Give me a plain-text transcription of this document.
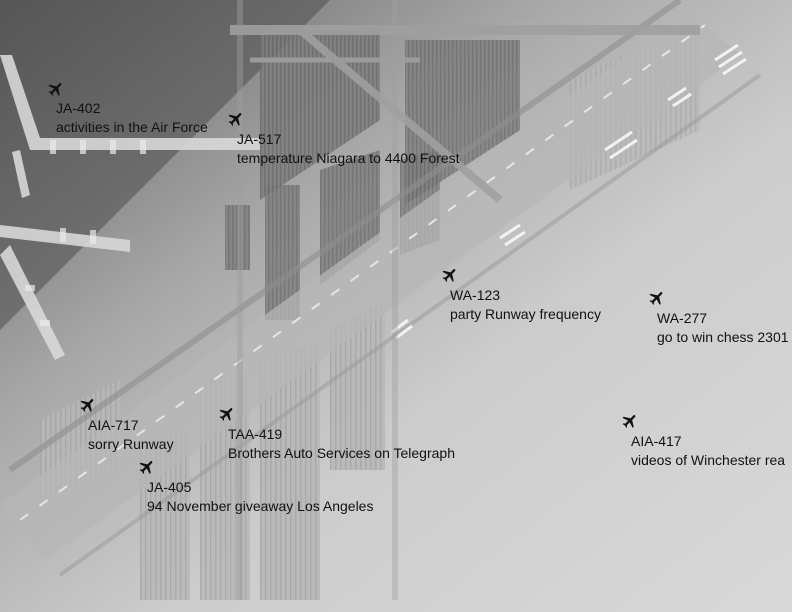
· · · · · · · ·
JA-402
activities in the Air Force
JA-517
temperature Niagara to 4400 Forest
WA-123
party Runway frequency	WA-277
go to win chess 2301
AIA-717
sorry Runway
TAA-419
Brothers Auto Services on Telegraph
AIA-417
videos of Winchester rea
JA-405
94 November giveaway Los Angeles
